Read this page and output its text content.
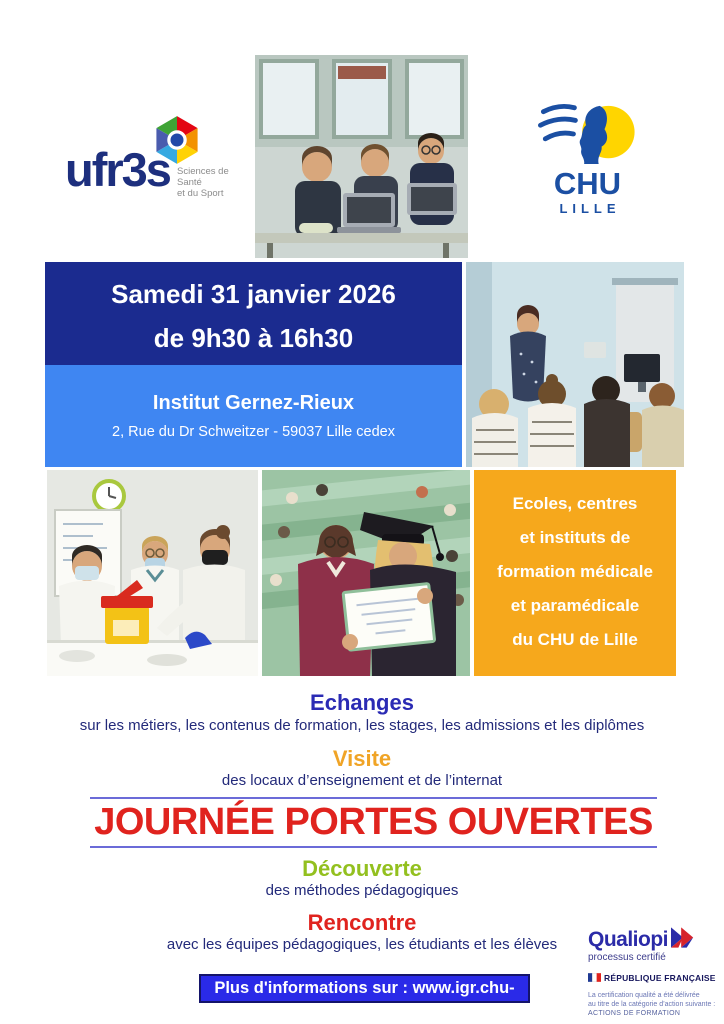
ufr3s Sciences de Santé
et du Sport	CHU
LILLE
Samedi 31 janvier 2026
de 9h30 à 16h30
Institut Gernez-Rieux
2, Rue du Dr Schweitzer - 59037 Lille cedex
Ecoles, centres
et instituts de
formation médicale
et paramédicale
du CHU de Lille
Echanges
sur les métiers, les contenus de formation, les stages, les admissions et les diplômes
Visite
des locaux d’enseignement et de l’internat
JOURNÉE PORTES OUVERTES
Découverte
des méthodes pédagogiques
Rencontre
avec les équipes pédagogiques, les étudiants et les élèves
Plus d'informations sur : www.igr.chu-lille.fr
Qualiopi
processus certifié
RÉPUBLIQUE FRANÇAISE
La certification qualité a été délivrée
au titre de la catégorie d’action suivante :
ACTIONS DE FORMATION
